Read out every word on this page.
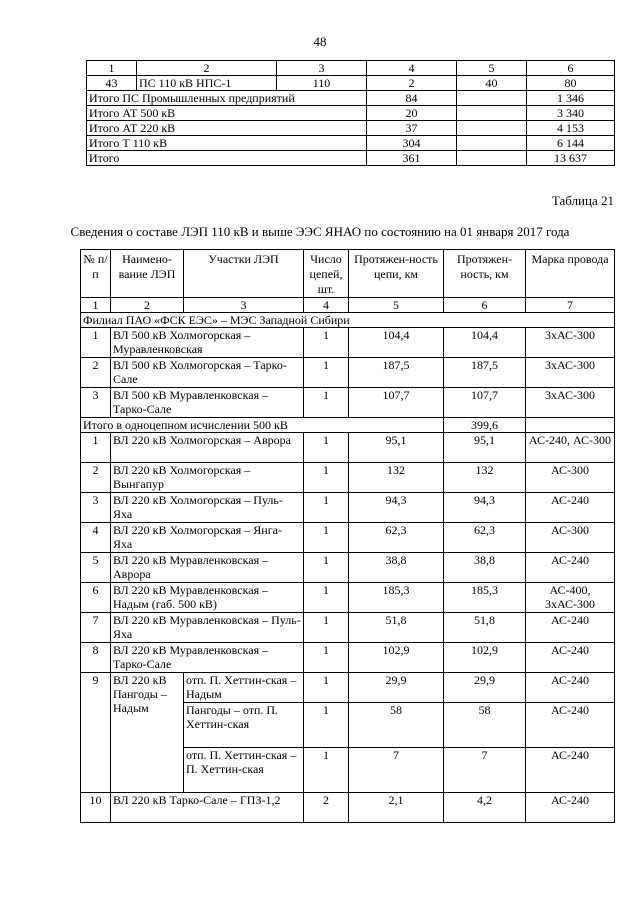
48
1	2	3	4	5	6
43	ПС 110 кВ НПС-1	110	2	40	80
Итого ПС Промышленных предприятий			84		1 346
Итого АТ 500 кВ			20		3 340
Итого АТ 220 кВ			37		4 153
Итого Т 110 кВ			304		6 144
Итого			361		13 637
Таблица 21
Сведения о составе ЛЭП 110 кВ и выше ЭЭС ЯНАО по состоянию на 01 января 2017 года
№ п/п	Наимено-вание ЛЭП	Участки ЛЭП	Число цепей, шт.	Протяжен-ность цепи, км	Протяжен-ность, км	Марка провода
1	2	3	4	5	6	7
Филиал ПАО «ФСК ЕЭС» – МЭС Западной Сибири						
1	ВЛ 500 кВ Холмогорская – Муравленковская		1	104,4	104,4	3хАС-300
2	ВЛ 500 кВ Холмогорская – Тарко-Сале		1	187,5	187,5	3хАС-300
3	ВЛ 500 кВ Муравленковская – Тарко-Сале		1	107,7	107,7	3хАС-300
Итого в одноцепном исчислении 500 кВ					399,6	
1	ВЛ 220 кВ Холмогорская – Аврора		1	95,1	95,1	АС-240, АС-300
2	ВЛ 220 кВ Холмогорская – Вынгапур		1	132	132	АС-300
3	ВЛ 220 кВ Холмогорская – Пуль-Яха		1	94,3	94,3	АС-240
4	ВЛ 220 кВ Холмогорская – Янга-Яха		1	62,3	62,3	АС-300
5	ВЛ 220 кВ Муравленковская – Аврора		1	38,8	38,8	АС-240
6	ВЛ 220 кВ Муравленковская – Надым (габ. 500 кВ)		1	185,3	185,3	АС-400, 3хАС-300
7	ВЛ 220 кВ Муравленковская – Пуль-Яха		1	51,8	51,8	АС-240
8	ВЛ 220 кВ Муравленковская – Тарко-Сале		1	102,9	102,9	АС-240
9	ВЛ 220 кВ Пангоды – Надым	отп. П. Хеттин-ская – Надым	1	29,9	29,9	АС-240
		Пангоды – отп. П. Хеттин-ская	1	58	58	АС-240
		отп. П. Хеттин-ская – П. Хеттин-ская	1	7	7	АС-240
10	ВЛ 220 кВ Тарко-Сале – ГПЗ-1,2		2	2,1	4,2	АС-240
